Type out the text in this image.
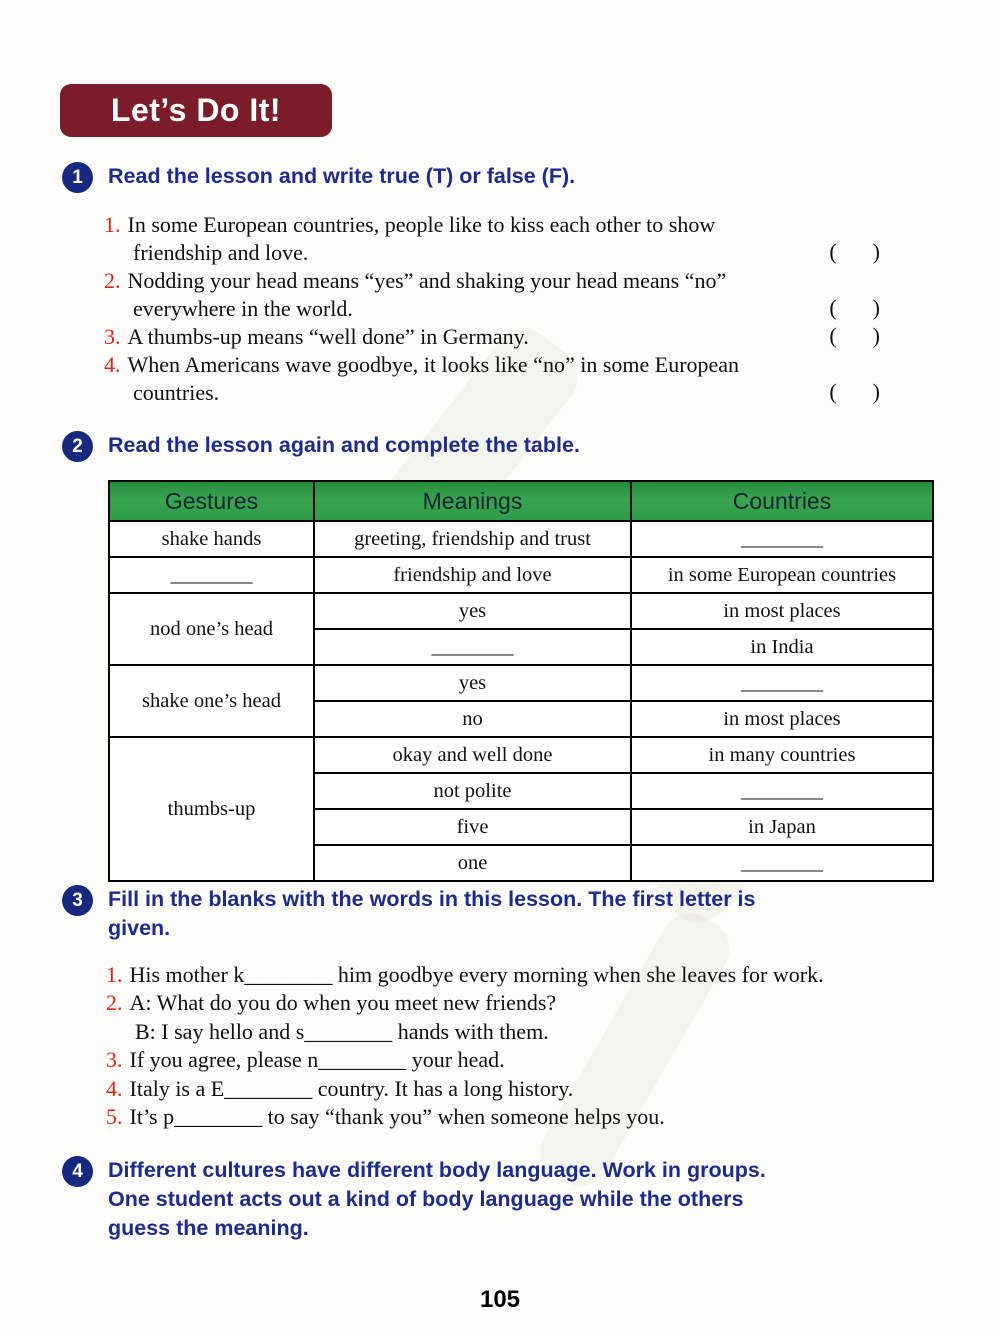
Let’s Do It!
1	Read the lesson and write true (T) or false (F).
1. In some European countries, people like to kiss each other to show
friendship and love.	( )
2. Nodding your head means “yes” and shaking your head means “no”
everywhere in the world.	( )
3. A thumbs-up means “well done” in Germany.	( )
4. When Americans wave goodbye, it looks like “no” in some European
countries.	( )
2	Read the lesson again and complete the table.
Gestures	Meanings	Countries
shake hands	greeting, friendship and trust	________
________	friendship and love	in some European countries
nod one’s head	yes	in most places
	________	in India
shake one’s head	yes	________
	no	in most places
thumbs-up	okay and well done	in many countries
	not polite	________
	five	in Japan
	one	________
3	Fill in the blanks with the words in this lesson. The first letter is
given.
1. His mother k________ him goodbye every morning when she leaves for work.
2. A: What do you do when you meet new friends?
B: I say hello and s________ hands with them.
3. If you agree, please n________ your head.
4. Italy is a E________ country. It has a long history.
5. It’s p________ to say “thank you” when someone helps you.
4	Different cultures have different body language. Work in groups.
One student acts out a kind of body language while the others
guess the meaning.
105
